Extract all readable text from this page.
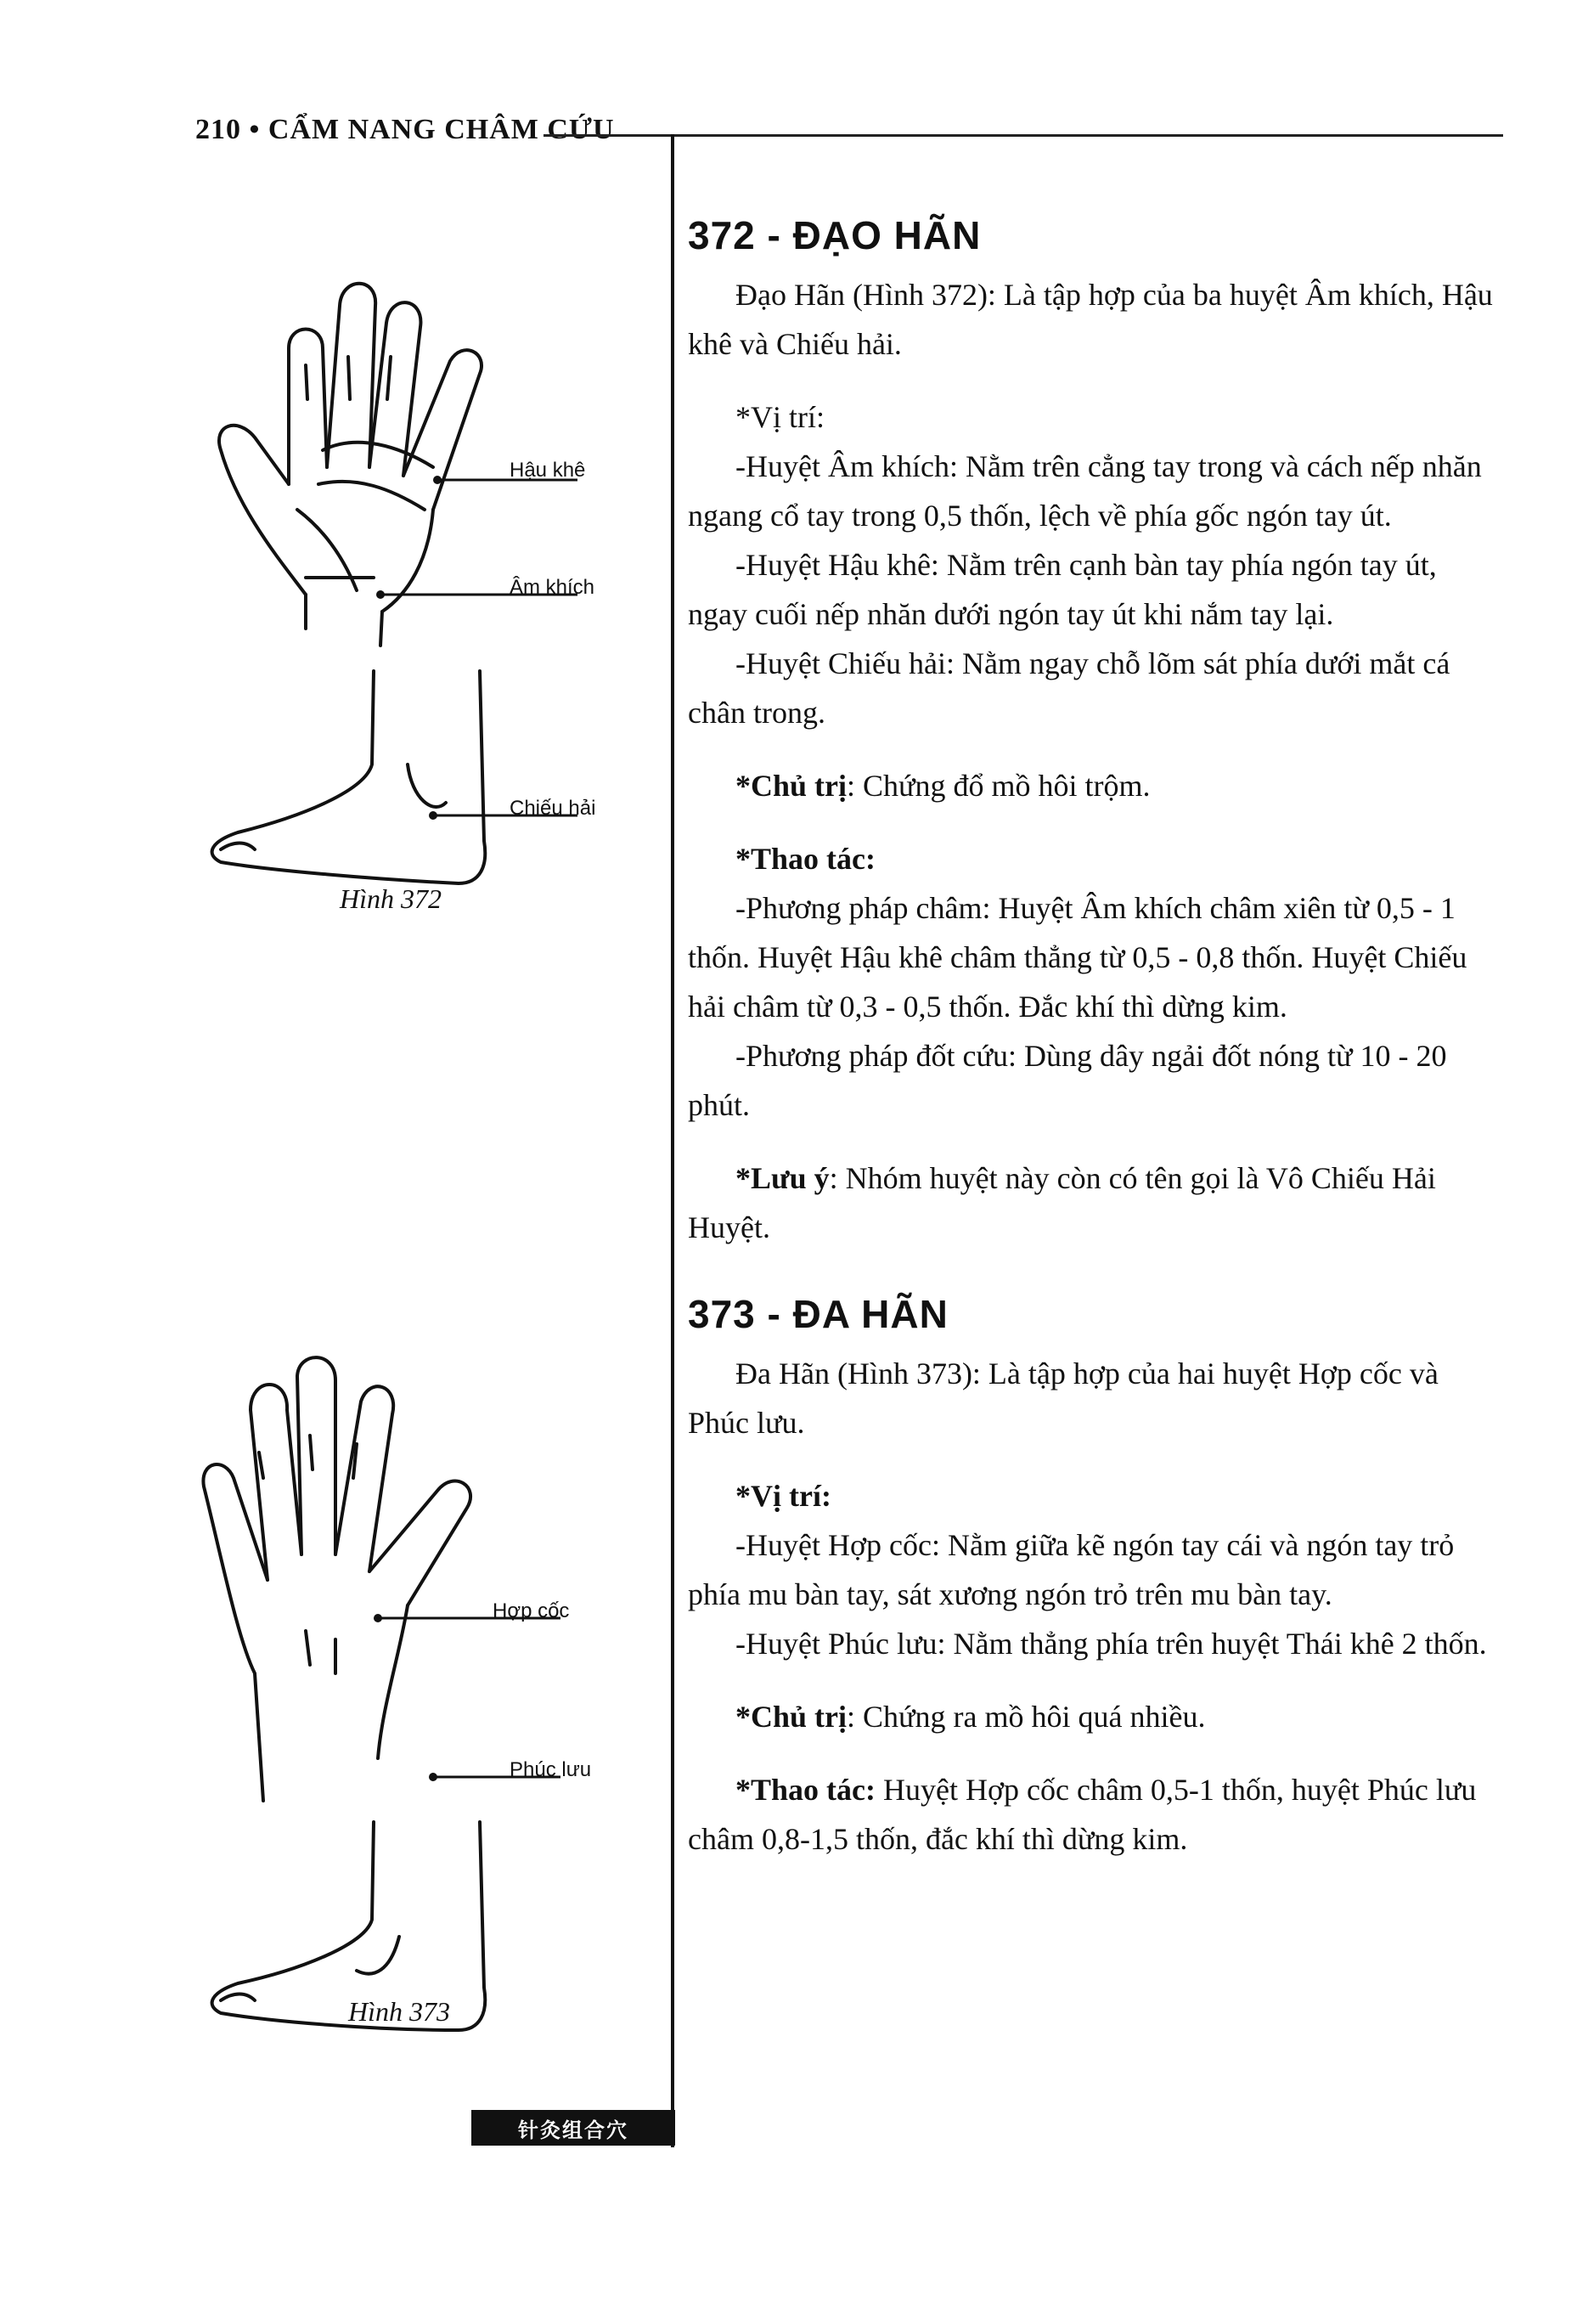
210 • CẨM NANG CHÂM CỨU
Hậu khê
Âm khích
Chiếu hải
Hình 372
Hợp cốc
Phúc lưu
Hình 373
372 - ĐẠO HÃN

Đạo Hãn (Hình 372): Là tập hợp của ba huyệt Âm khích, Hậu khê và Chiếu hải.

*Vị trí:

-Huyệt Âm khích: Nằm trên cẳng tay trong và cách nếp nhăn ngang cổ tay trong 0,5 thốn, lệch về phía gốc ngón tay út.

-Huyệt Hậu khê: Nằm trên cạnh bàn tay phía ngón tay út, ngay cuối nếp nhăn dưới ngón tay út khi nắm tay lại.

-Huyệt Chiếu hải: Nằm ngay chỗ lõm sát phía dưới mắt cá chân trong.

*Chủ trị: Chứng đổ mồ hôi trộm.

*Thao tác:

-Phương pháp châm: Huyệt Âm khích châm xiên từ 0,5 - 1 thốn. Huyệt Hậu khê châm thẳng từ 0,5 - 0,8 thốn. Huyệt Chiếu hải châm từ 0,3 - 0,5 thốn. Đắc khí thì dừng kim.

-Phương pháp đốt cứu: Dùng dây ngải đốt nóng từ 10 - 20 phút.

*Lưu ý: Nhóm huyệt này còn có tên gọi là Vô Chiếu Hải Huyệt.

373 - ĐA HÃN

Đa Hãn (Hình 373): Là tập hợp của hai huyệt Hợp cốc và Phúc lưu.

*Vị trí:

-Huyệt Hợp cốc: Nằm giữa kẽ ngón tay cái và ngón tay trỏ phía mu bàn tay, sát xương ngón trỏ trên mu bàn tay.

-Huyệt Phúc lưu: Nằm thẳng phía trên huyệt Thái khê 2 thốn.

*Chủ trị: Chứng ra mồ hôi quá nhiều.

*Thao tác: Huyệt Hợp cốc châm 0,5-1 thốn, huyệt Phúc lưu châm 0,8-1,5 thốn, đắc khí thì dừng kim.

针灸组合穴
